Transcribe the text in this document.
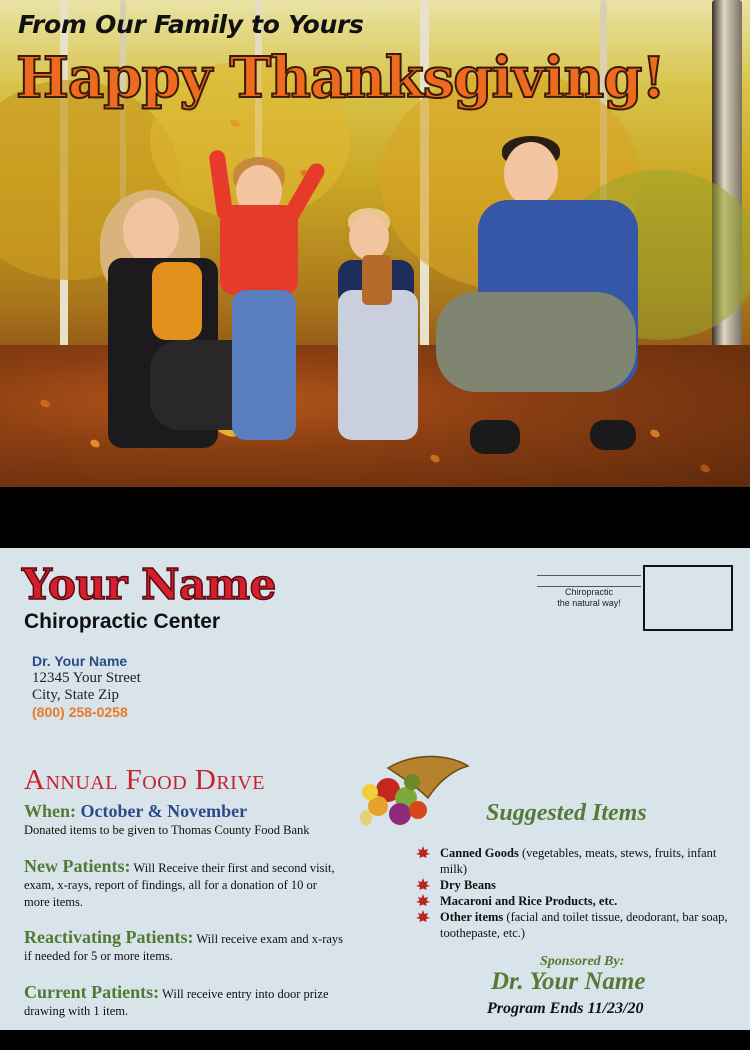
From Our Family to Yours
Happy Thanksgiving!
Your Name
Chiropractic Center
Dr. Your Name
12345 Your Street
City, State Zip
(800) 258-0258
Chiropractic
the natural way!
Annual Food Drive
When: October & November
Donated items to be given to Thomas County Food Bank
New Patients: Will Receive their first and second visit, exam, x-rays, report of findings, all for a donation of 10 or more items.
Reactivating Patients: Will receive exam and x-rays if needed for 5 or more items.
Current Patients: Will receive entry into door prize drawing with 1 item.
Suggested Items
Canned Goods (vegetables, meats, stews, fruits, infant milk)
Dry Beans
Macaroni and Rice Products, etc.
Other items (facial and toilet tissue, deodorant, bar soap, toothepaste, etc.)
Sponsored By:
Dr. Your Name
Program Ends 11/23/20
